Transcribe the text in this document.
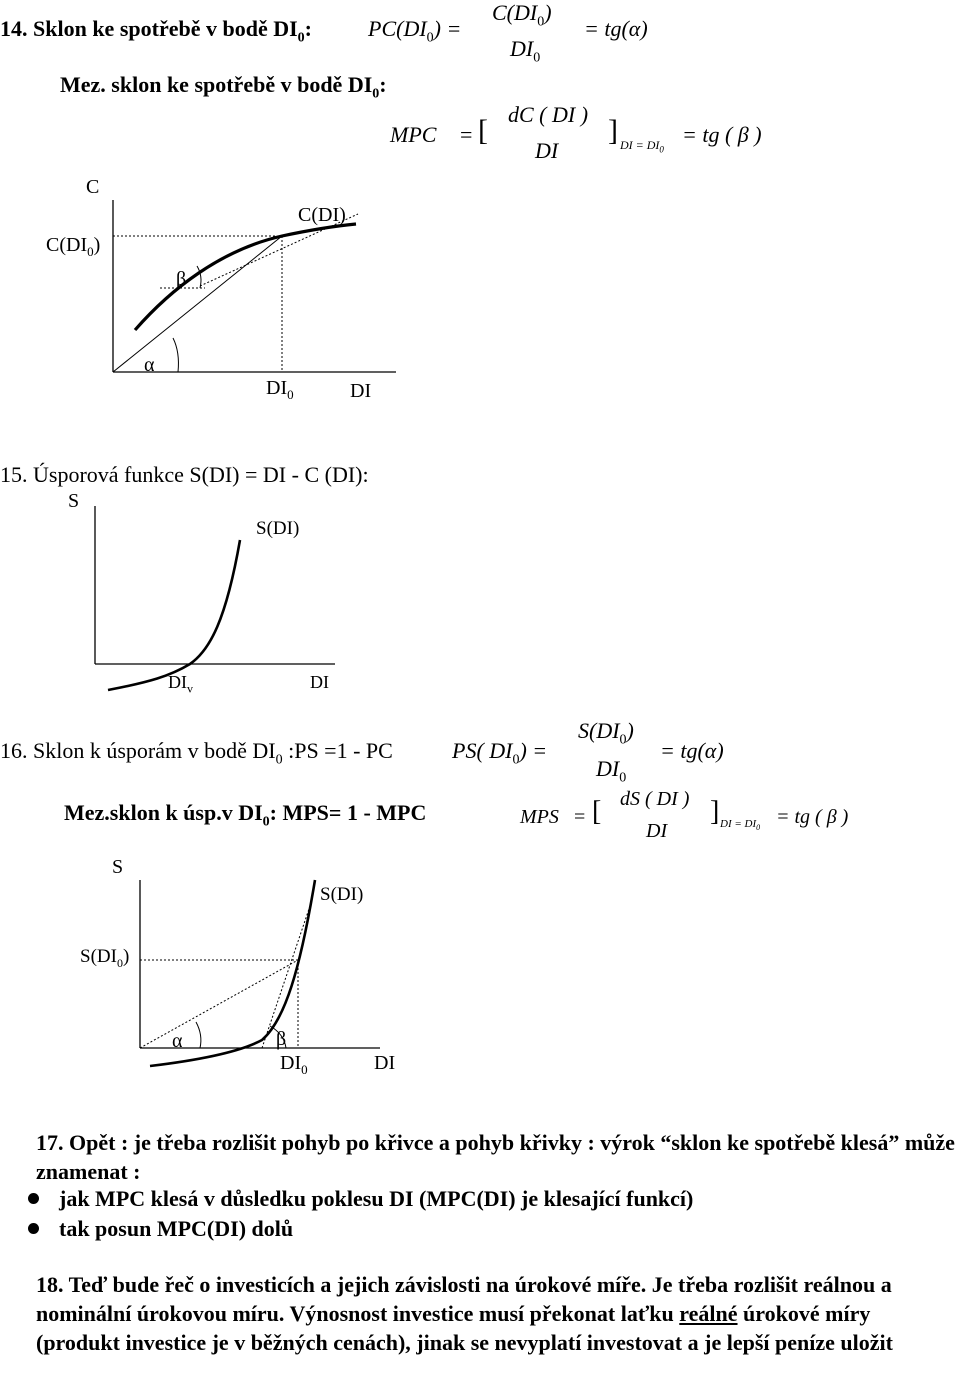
14. Sklon ke spotřebě v bodě $DI_0$:	$PC(DI_0)$ =
$C(DI_0)$
$DI_0$
= tg(α)
Mez. sklon ke spotřebě v bodě $DI_0$:
MPC = [ dC ( DI )
DI
] DI = $DI_0$
= tg ( β )
C
$C(DI_0)$
C(DI)
β
α
$DI_0$	DI
15. Úsporová funkce S(DI) = DI - C (DI):
S
S(DI)
$DI_v$	DI
16. Sklon k úsporám v bodě $DI_0$ :PS =1 - PC	PS( $DI_0$) =
$S(DI_0)$
$DI_0$
= tg(α)
Mez.sklon k úsp.v $DI_0$: MPS= 1 - MPC	MPS = [ dS ( DI )
DI
] DI = $DI_0$ = tg ( β )
S
S(DI)
$S(DI_0)$
α	β
$DI_0$	DI
17. Opět : je třeba rozlišit pohyb po křivce a pohyb křivky : výrok “sklon ke spotřebě klesá” může znamenat :
jak MPC klesá v důsledku poklesu DI (MPC(DI) je klesající funkcí)
tak posun MPC(DI) dolů
18. Teď bude řeč o investicích a jejich závislosti na úrokové míře. Je třeba rozlišit reálnou a nominální úrokovou míru. Výnosnost investice musí překonat laťku reálné úrokové míry (produkt investice je v běžných cenách), jinak se nevyplatí investovat a je lepší peníze uložit
